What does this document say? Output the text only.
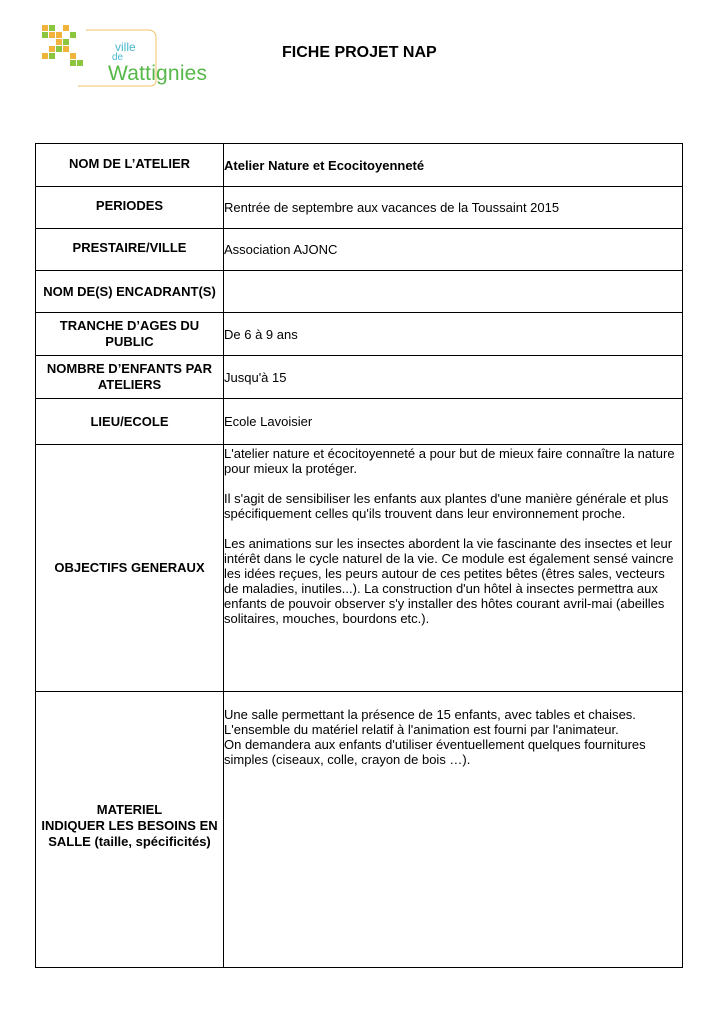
ville
de
Wattignies
FICHE PROJET NAP
NOM DE L’ATELIER	Atelier Nature et Ecocitoyenneté
PERIODES	Rentrée de septembre aux vacances de la Toussaint 2015
PRESTAIRE/VILLE	Association AJONC
NOM DE(S) ENCADRANT(S)	
TRANCHE D’AGES DU PUBLIC	De 6 à 9 ans
NOMBRE D’ENFANTS PAR ATELIERS	Jusqu'à 15
LIEU/ECOLE	Ecole Lavoisier
OBJECTIFS GENERAUX	L'atelier nature et écocitoyenneté a pour but de mieux faire connaître la nature pour mieux la protéger.

Il s'agit de sensibiliser les enfants aux plantes d'une manière générale et plus spécifiquement celles qu'ils trouvent dans leur environnement proche.

Les animations sur les insectes abordent la vie fascinante des insectes et leur intérêt dans le cycle naturel de la vie. Ce module est également sensé vaincre les idées reçues, les peurs autour de ces petites bêtes (êtres sales, vecteurs de maladies, inutiles...). La construction d'un hôtel à insectes permettra aux enfants de pouvoir observer s'y installer des hôtes courant avril-mai (abeilles solitaires, mouches, bourdons etc.).

MATERIEL
INDIQUER LES BESOINS EN SALLE (taille, spécificités)	Une salle permettant la présence de 15 enfants, avec tables et chaises.
L'ensemble du matériel relatif à l'animation est fourni par l'animateur.
On demandera aux enfants d'utiliser éventuellement quelques fournitures simples (ciseaux, colle, crayon de bois …).
